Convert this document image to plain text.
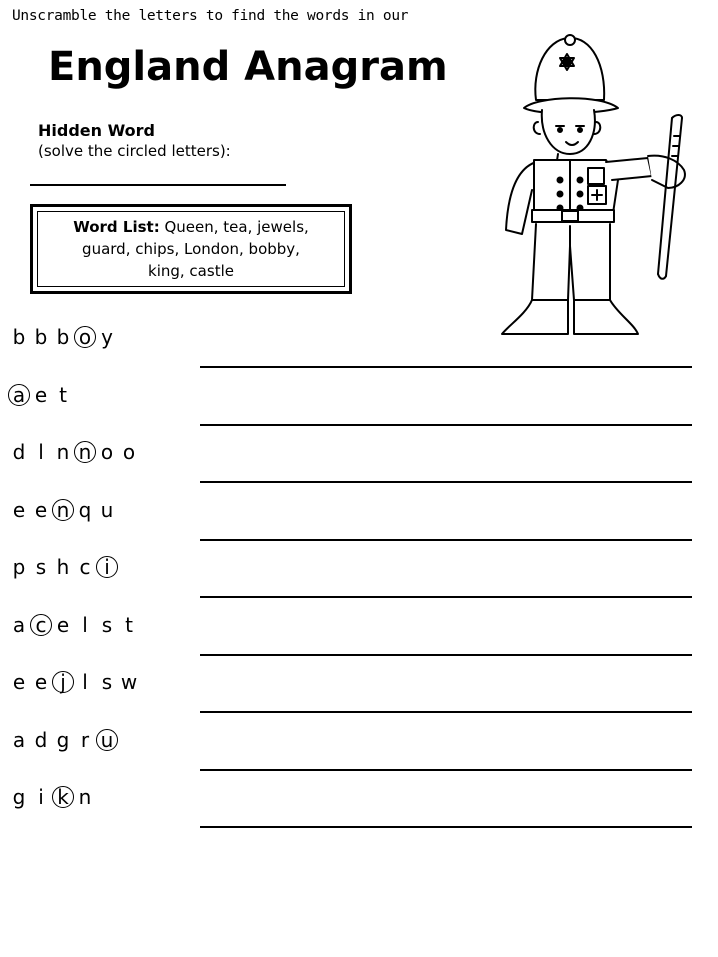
Unscramble the letters to find the words in our
England Anagram
Hidden Word
(solve the circled letters):
Word List: Queen, tea, jewels,
guard, chips, London, bobby,
king, castle
b b b o y
a e t
d l n n o o
e e n q u
p s h c i
a c e l s t
e e j l s w
a d g r u
g i k n
